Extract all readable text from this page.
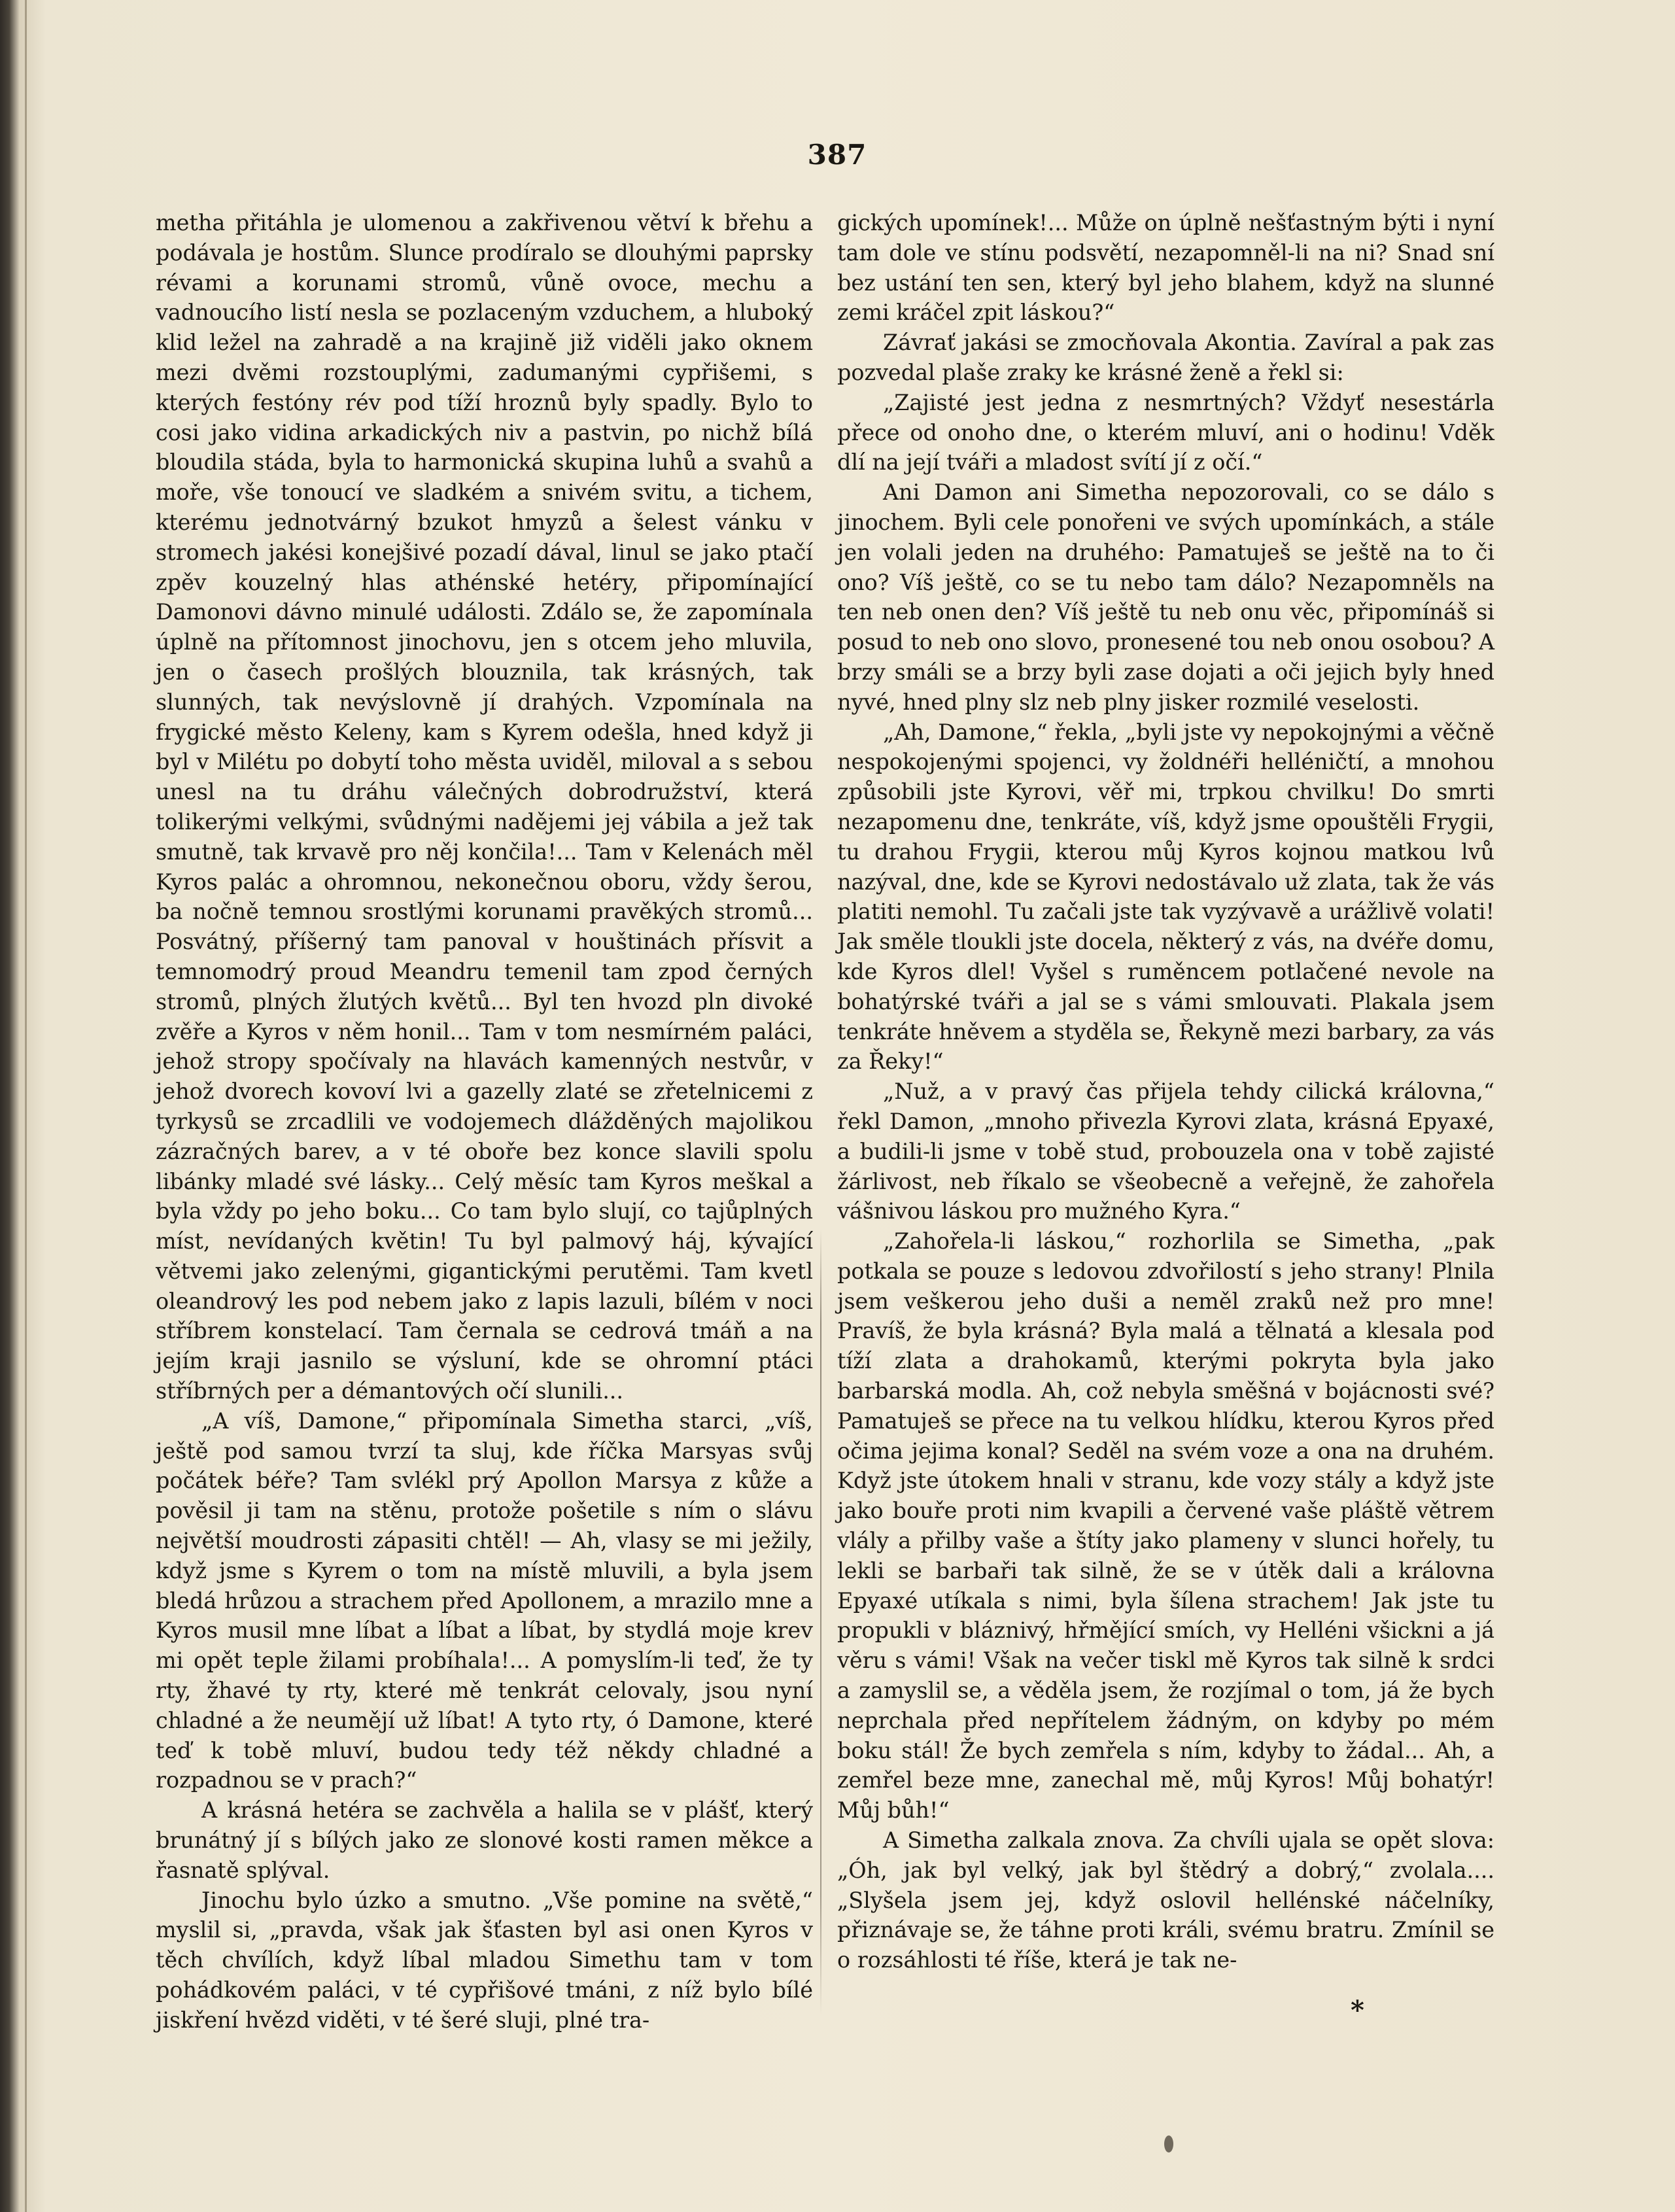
387

metha přitáhla je ulomenou a zakřivenou větví k břehu a podávala je hostům. Slunce prodíralo se dlouhými paprsky révami a korunami stromů, vůně ovoce, mechu a vadnoucího listí nesla se pozlaceným vzduchem, a hluboký klid ležel na zahradě a na krajině již viděli jako oknem mezi dvěmi rozstouplými, zadumanými cypřišemi, s kterých festóny rév pod tíží hroznů byly spadly. Bylo to cosi jako vidina arkadických niv a pastvin, po nichž bílá bloudila stáda, byla to harmonická skupina luhů a svahů a moře, vše tonoucí ve sladkém a snivém svitu, a tichem, kterému jednotvárný bzukot hmyzů a šelest vánku v stromech jakési konejšivé pozadí dával, linul se jako ptačí zpěv kouzelný hlas athénské hetéry, připomínající Damonovi dávno minulé události. Zdálo se, že zapomínala úplně na přítomnost jinochovu, jen s otcem jeho mluvila, jen o časech prošlých blouznila, tak krásných, tak slunných, tak nevýslovně jí drahých. Vzpomínala na frygické město Keleny, kam s Kyrem odešla, hned když ji byl v Milétu po dobytí toho města uviděl, miloval a s sebou unesl na tu dráhu válečných dobrodružství, která tolikerými velkými, svůdnými nadějemi jej vábila a jež tak smutně, tak krvavě pro něj končila!... Tam v Kelenách měl Kyros palác a ohromnou, nekonečnou oboru, vždy šerou, ba nočně temnou srostlými korunami pravěkých stromů... Posvátný, příšerný tam panoval v houštinách přísvit a temnomodrý proud Meandru temenil tam zpod černých stromů, plných žlutých květů... Byl ten hvozd pln divoké zvěře a Kyros v něm honil... Tam v tom nesmírném paláci, jehož stropy spočívaly na hlavách kamenných nestvůr, v jehož dvorech kovoví lvi a gazelly zlaté se zřetelnicemi z tyrkysů se zrcadlili ve vodojemech dlážděných majolikou zázračných barev, a v té oboře bez konce slavili spolu libánky mladé své lásky... Celý měsíc tam Kyros meškal a byla vždy po jeho boku... Co tam bylo slují, co tajůplných míst, nevídaných květin! Tu byl palmový háj, kývající větvemi jako zelenými, gigantickými perutěmi. Tam kvetl oleandrový les pod nebem jako z lapis lazuli, bílém v noci stříbrem konstelací. Tam černala se cedrová tmáň a na jejím kraji jasnilo se výsluní, kde se ohromní ptáci stříbrných per a démantových očí slunili...

„A víš, Damone,“ připomínala Simetha starci, „víš, ještě pod samou tvrzí ta sluj, kde říčka Marsyas svůj počátek béře? Tam svlékl prý Apollon Marsya z kůže a pověsil ji tam na stěnu, protože pošetile s ním o slávu největší moudrosti zápasiti chtěl! — Ah, vlasy se mi ježily, když jsme s Kyrem o tom na místě mluvili, a byla jsem bledá hrůzou a strachem před Apollonem, a mrazilo mne a Kyros musil mne líbat a líbat a líbat, by stydlá moje krev mi opět teple žilami probíhala!... A pomyslím-li teď, že ty rty, žhavé ty rty, které mě tenkrát celovaly, jsou nyní chladné a že neumějí už líbat! A tyto rty, ó Damone, které teď k tobě mluví, budou tedy též někdy chladné a rozpadnou se v prach?“

A krásná hetéra se zachvěla a halila se v plášť, který brunátný jí s bílých jako ze slonové kosti ramen měkce a řasnatě splýval.

Jinochu bylo úzko a smutno. „Vše pomine na světě,“ myslil si, „pravda, však jak šťasten byl asi onen Kyros v těch chvílích, když líbal mladou Simethu tam v tom pohádkovém paláci, v té cypřišové tmáni, z níž bylo bílé jiskření hvězd viděti, v té šeré sluji, plné tra-

gických upomínek!... Může on úplně nešťastným býti i nyní tam dole ve stínu podsvětí, nezapomněl-li na ni? Snad sní bez ustání ten sen, který byl jeho blahem, když na slunné zemi kráčel zpit láskou?“

Závrať jakási se zmocňovala Akontia. Zavíral a pak zas pozvedal plaše zraky ke krásné ženě a řekl si:

„Zajisté jest jedna z nesmrtných? Vždyť nesestárla přece od onoho dne, o kterém mluví, ani o hodinu! Vděk dlí na její tváři a mladost svítí jí z očí.“

Ani Damon ani Simetha nepozorovali, co se dálo s jinochem. Byli cele ponořeni ve svých upomínkách, a stále jen volali jeden na druhého: Pamatuješ se ještě na to či ono? Víš ještě, co se tu nebo tam dálo? Nezapomněls na ten neb onen den? Víš ještě tu neb onu věc, připomínáš si posud to neb ono slovo, pronesené tou neb onou osobou? A brzy smáli se a brzy byli zase dojati a oči jejich byly hned nyvé, hned plny slz neb plny jisker rozmilé veselosti.

„Ah, Damone,“ řekla, „byli jste vy nepokojnými a věčně nespokojenými spojenci, vy žoldnéři helléničtí, a mnohou způsobili jste Kyrovi, věř mi, trpkou chvilku! Do smrti nezapomenu dne, tenkráte, víš, když jsme opouštěli Frygii, tu drahou Frygii, kterou můj Kyros kojnou matkou lvů nazýval, dne, kde se Kyrovi nedostávalo už zlata, tak že vás platiti nemohl. Tu začali jste tak vyzývavě a urážlivě volati! Jak směle tloukli jste docela, některý z vás, na dvéře domu, kde Kyros dlel! Vyšel s ruměncem potlačené nevole na bohatýrské tváři a jal se s vámi smlouvati. Plakala jsem tenkráte hněvem a styděla se, Řekyně mezi barbary, za vás za Řeky!“

„Nuž, a v pravý čas přijela tehdy cilická královna,“ řekl Damon, „mnoho přivezla Kyrovi zlata, krásná Epyaxé, a budili-li jsme v tobě stud, probouzela ona v tobě zajisté žárlivost, neb říkalo se všeobecně a veřejně, že zahořela vášnivou láskou pro mužného Kyra.“

„Zahořela-li láskou,“ rozhorlila se Simetha, „pak potkala se pouze s ledovou zdvořilostí s jeho strany! Plnila jsem veškerou jeho duši a neměl zraků než pro mne! Pravíš, že byla krásná? Byla malá a tělnatá a klesala pod tíží zlata a drahokamů, kterými pokryta byla jako barbarská modla. Ah, což nebyla směšná v bojácnosti své? Pamatuješ se přece na tu velkou hlídku, kterou Kyros před očima jejima konal? Seděl na svém voze a ona na druhém. Když jste útokem hnali v stranu, kde vozy stály a když jste jako bouře proti nim kvapili a červené vaše pláště větrem vlály a přilby vaše a štíty jako plameny v slunci hořely, tu lekli se barbaři tak silně, že se v útěk dali a královna Epyaxé utíkala s nimi, byla šílena strachem! Jak jste tu propukli v bláznivý, hřmějící smích, vy Helléni všickni a já věru s vámi! Však na večer tiskl mě Kyros tak silně k srdci a zamyslil se, a věděla jsem, že rozjímal o tom, já že bych neprchala před nepřítelem žádným, on kdyby po mém boku stál! Že bych zemřela s ním, kdyby to žádal... Ah, a zemřel beze mne, zanechal mě, můj Kyros! Můj bohatýr! Můj bůh!“

A Simetha zalkala znova. Za chvíli ujala se opět slova: „Óh, jak byl velký, jak byl štědrý a dobrý,“ zvolala.... „Slyšela jsem jej, když oslovil hellénské náčelníky, přiznávaje se, že táhne proti králi, svému bratru. Zmínil se o rozsáhlosti té říše, která je tak ne-

*
